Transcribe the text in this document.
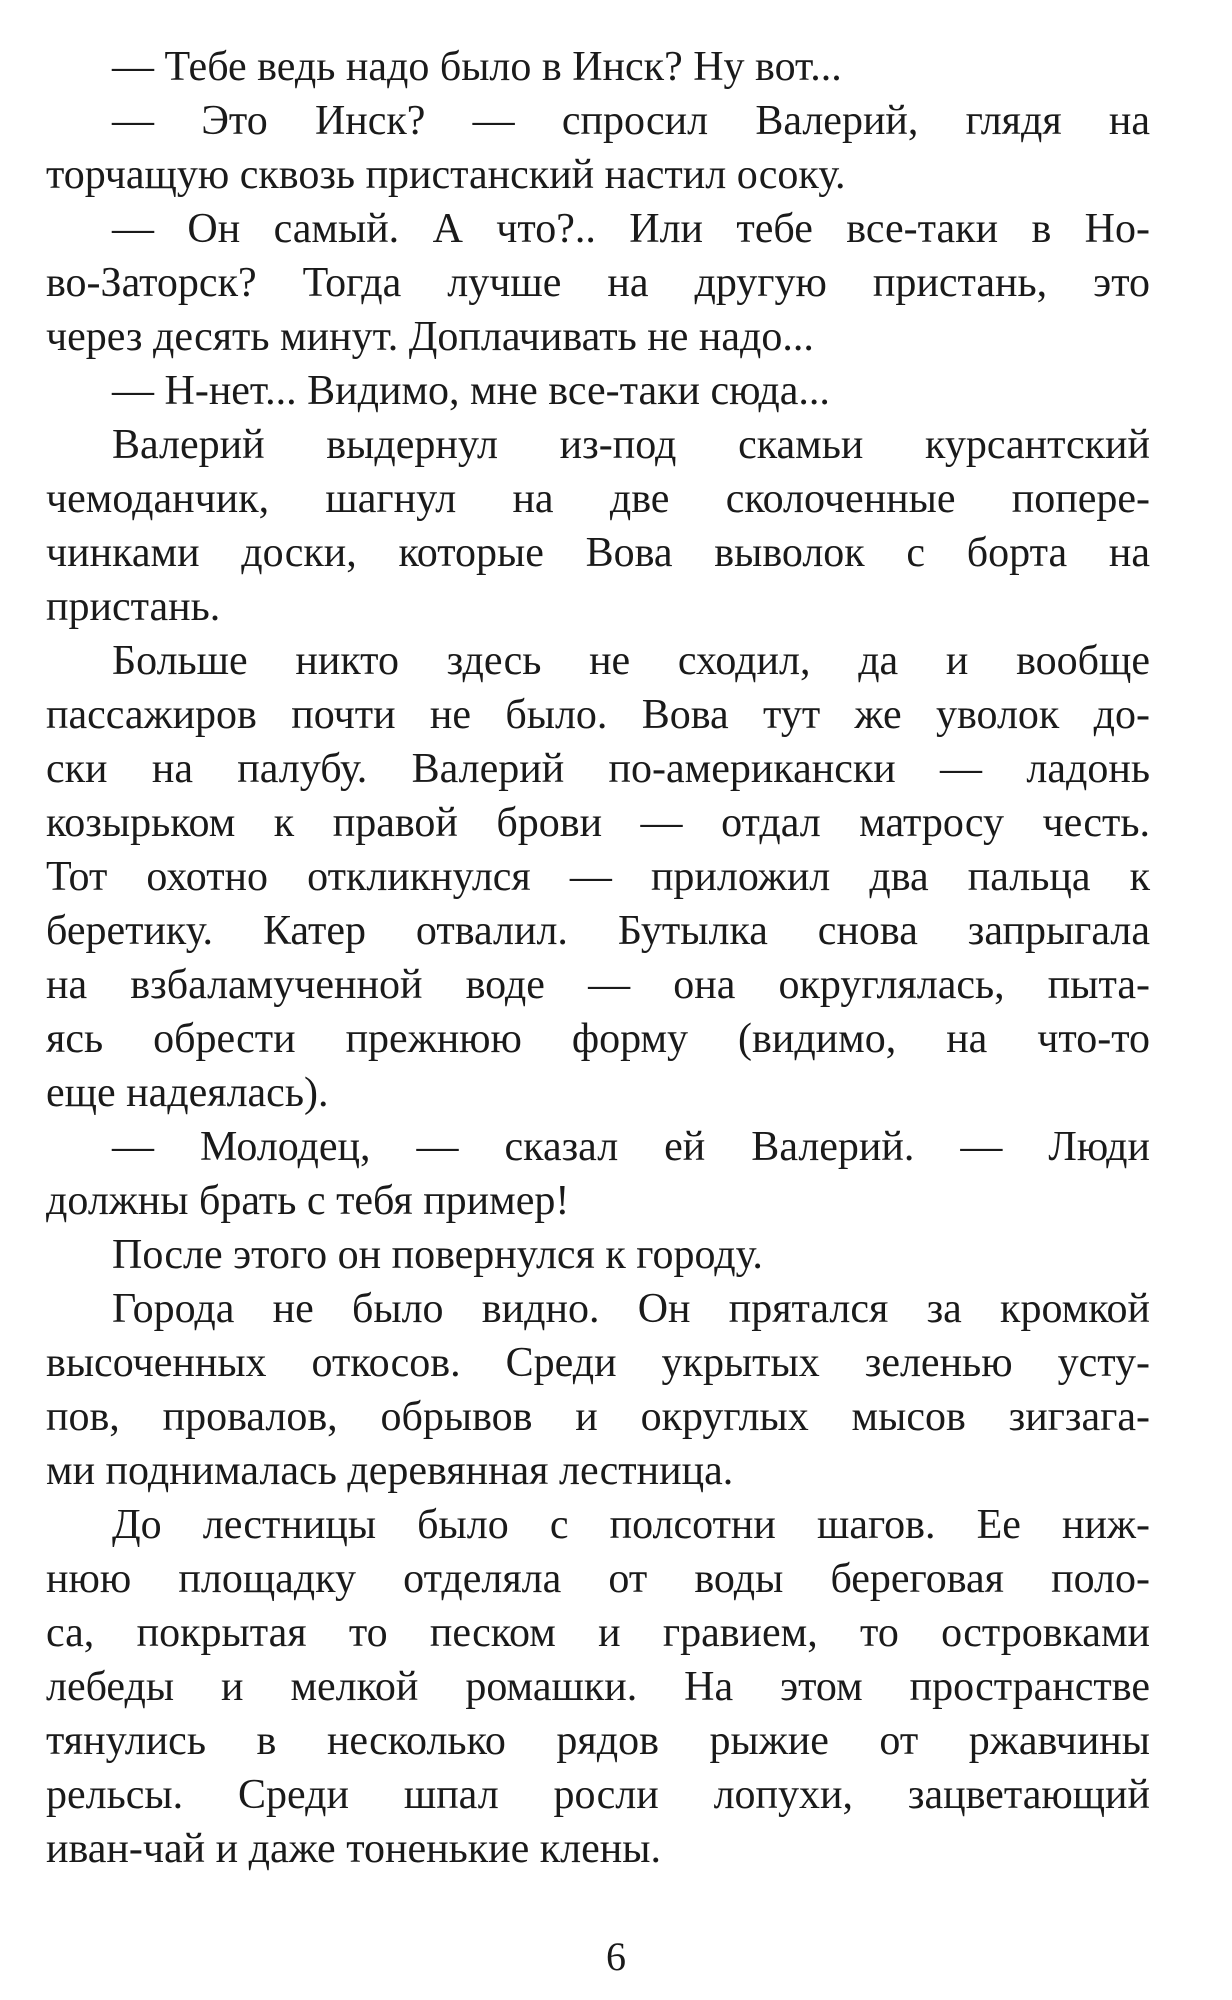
— Тебе ведь надо было в Инск? Ну вот...
— Это Инск? — спросил Валерий, глядя на
торчащую сквозь пристанский настил осоку.
— Он самый. А что?.. Или тебе все-таки в Но-
во-Заторск? Тогда лучше на другую пристань, это
через десять минут. Доплачивать не надо...
— Н-нет... Видимо, мне все-таки сюда...
Валерий выдернул из-под скамьи курсантский
чемоданчик, шагнул на две сколоченные попере-
чинками доски, которые Вова выволок с борта на
пристань.
Больше никто здесь не сходил, да и вообще
пассажиров почти не было. Вова тут же уволок до-
ски на палубу. Валерий по-американски — ладонь
козырьком к правой брови — отдал матросу честь.
Тот охотно откликнулся — приложил два пальца к
беретику. Катер отвалил. Бутылка снова запрыгала
на взбаламученной воде — она округлялась, пыта-
ясь обрести прежнюю форму (видимо, на что-то
еще надеялась).
— Молодец, — сказал ей Валерий. — Люди
должны брать с тебя пример!
После этого он повернулся к городу.
Города не было видно. Он прятался за кромкой
высоченных откосов. Среди укрытых зеленью усту-
пов, провалов, обрывов и округлых мысов зигзага-
ми поднималась деревянная лестница.
До лестницы было с полсотни шагов. Ее ниж-
нюю площадку отделяла от воды береговая поло-
са, покрытая то песком и гравием, то островками
лебеды и мелкой ромашки. На этом пространстве
тянулись в несколько рядов рыжие от ржавчины
рельсы. Среди шпал росли лопухи, зацветающий
иван-чай и даже тоненькие клены.
6
